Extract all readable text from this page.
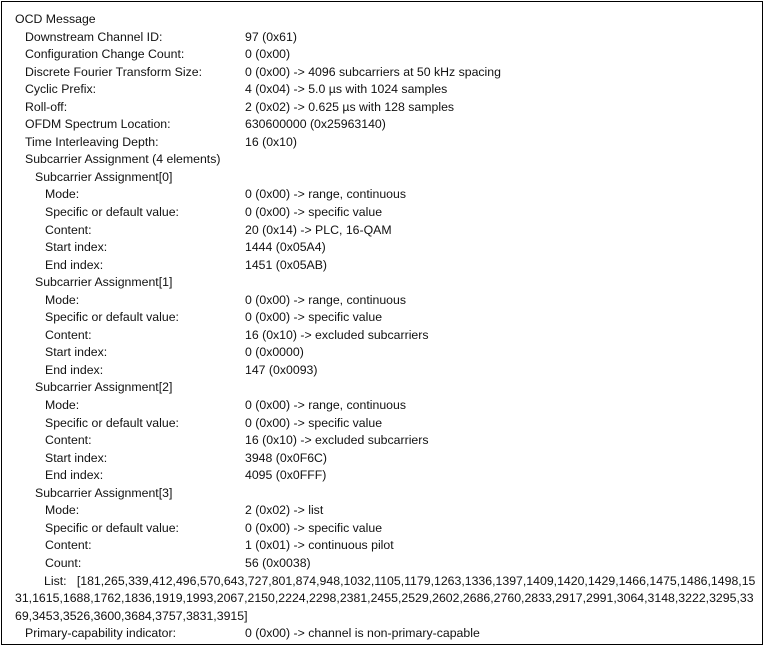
OCD Message
Downstream Channel ID:	97 (0x61)
Configuration Change Count:	0 (0x00)
Discrete Fourier Transform Size:	0 (0x00) -> 4096 subcarriers at 50 kHz spacing
Cyclic Prefix:	4 (0x04) -> 5.0 µs with 1024 samples
Roll-off:	2 (0x02) -> 0.625 µs with 128 samples
OFDM Spectrum Location:	630600000 (0x25963140)
Time Interleaving Depth:	16 (0x10)
Subcarrier Assignment (4 elements)
Subcarrier Assignment[0]
Mode:	0 (0x00) -> range, continuous
Specific or default value:	0 (0x00) -> specific value
Content:	20 (0x14) -> PLC, 16-QAM
Start index:	1444 (0x05A4)
End index:	1451 (0x05AB)
Subcarrier Assignment[1]
Mode:	0 (0x00) -> range, continuous
Specific or default value:	0 (0x00) -> specific value
Content:	16 (0x10) -> excluded subcarriers
Start index:	0 (0x0000)
End index:	147 (0x0093)
Subcarrier Assignment[2]
Mode:	0 (0x00) -> range, continuous
Specific or default value:	0 (0x00) -> specific value
Content:	16 (0x10) -> excluded subcarriers
Start index:	3948 (0x0F6C)
End index:	4095 (0x0FFF)
Subcarrier Assignment[3]
Mode:	2 (0x02) -> list
Specific or default value:	0 (0x00) -> specific value
Content:	1 (0x01) -> continuous pilot
Count:	56 (0x0038)
List: [181,265,339,412,496,570,643,727,801,874,948,1032,1105,1179,1263,1336,1397,1409,1420,1429,1466,1475,1486,1498,1531,1615,1688,1762,1836,1919,1993,2067,2150,2224,2298,2381,2455,2529,2602,2686,2760,2833,2917,2991,3064,3148,3222,3295,3369,3453,3526,3600,3684,3757,3831,3915]
Primary-capability indicator:	0 (0x00) -> channel is non-primary-capable
